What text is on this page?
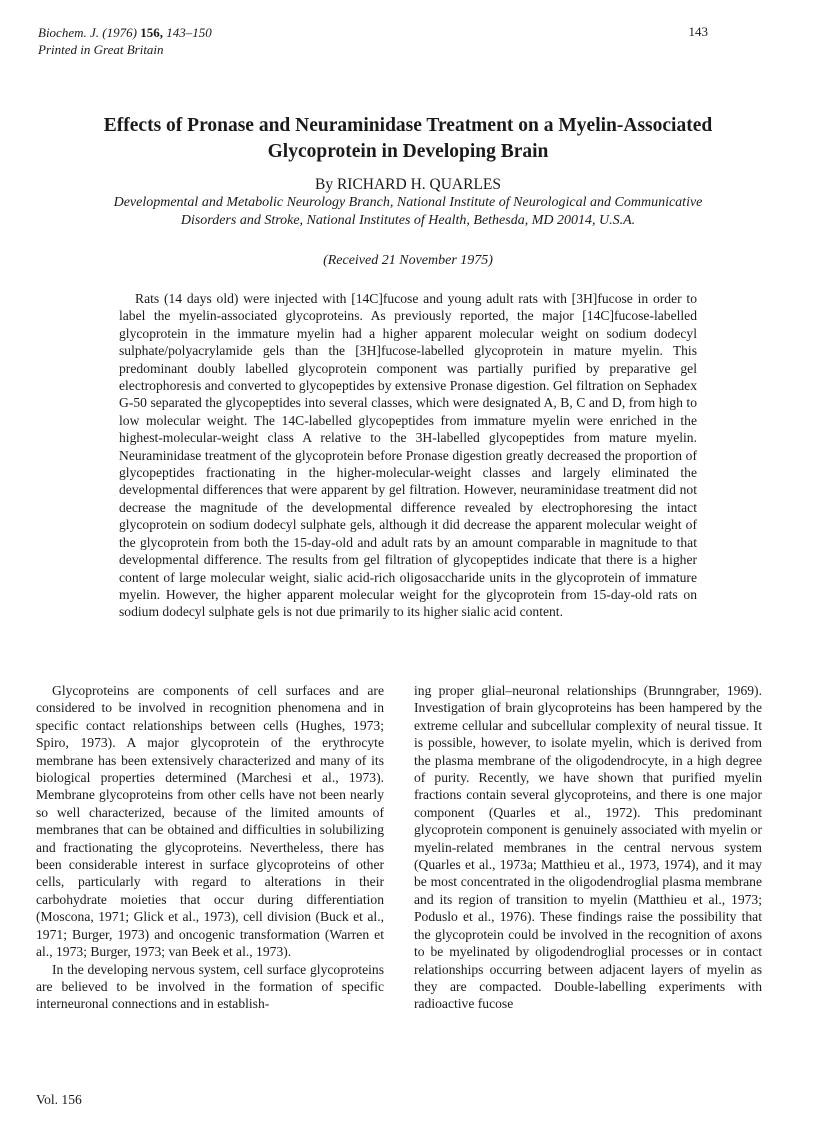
Biochem. J. (1976) 156, 143–150
Printed in Great Britain
143
Effects of Pronase and Neuraminidase Treatment on a Myelin-Associated
Glycoprotein in Developing Brain
By RICHARD H. QUARLES
Developmental and Metabolic Neurology Branch, National Institute of Neurological and Communicative
Disorders and Stroke, National Institutes of Health, Bethesda, MD 20014, U.S.A.
(Received 21 November 1975)

Rats (14 days old) were injected with [14C]fucose and young adult rats with [3H]fucose in order to label the myelin-associated glycoproteins. As previously reported, the major [14C]fucose-labelled glycoprotein in the immature myelin had a higher apparent molecular weight on sodium dodecyl sulphate/polyacrylamide gels than the [3H]fucose-labelled glycoprotein in mature myelin. This predominant doubly labelled glycoprotein component was partially purified by preparative gel electrophoresis and converted to glycopeptides by extensive Pronase digestion. Gel filtration on Sephadex G-50 separated the glycopeptides into several classes, which were designated A, B, C and D, from high to low molecular weight. The 14C-labelled glycopeptides from immature myelin were enriched in the highest-molecular-weight class A relative to the 3H-labelled glycopeptides from mature myelin. Neuraminidase treatment of the glycoprotein before Pronase digestion greatly decreased the proportion of glycopeptides fractionating in the higher-molecular-weight classes and largely eliminated the developmental differences that were apparent by gel filtration. However, neuraminidase treatment did not decrease the magnitude of the developmental difference revealed by electrophoresing the intact glycoprotein on sodium dodecyl sulphate gels, although it did decrease the apparent molecular weight of the glycoprotein from both the 15-day-old and adult rats by an amount comparable in magnitude to that developmental difference. The results from gel filtration of glycopeptides indicate that there is a higher content of large molecular weight, sialic acid-rich oligosaccharide units in the glycoprotein of immature myelin. However, the higher apparent molecular weight for the glycoprotein from 15-day-old rats on sodium dodecyl sulphate gels is not due primarily to its higher sialic acid content.

Glycoproteins are components of cell surfaces and are considered to be involved in recognition phenomena and in specific contact relationships between cells (Hughes, 1973; Spiro, 1973). A major glycoprotein of the erythrocyte membrane has been extensively characterized and many of its biological properties determined (Marchesi et al., 1973). Membrane glycoproteins from other cells have not been nearly so well characterized, because of the limited amounts of membranes that can be obtained and difficulties in solubilizing and fractionating the glycoproteins. Nevertheless, there has been considerable interest in surface glycoproteins of other cells, particularly with regard to alterations in their carbohydrate moieties that occur during differentiation (Moscona, 1971; Glick et al., 1973), cell division (Buck et al., 1971; Burger, 1973) and oncogenic transformation (Warren et al., 1973; Burger, 1973; van Beek et al., 1973).

In the developing nervous system, cell surface glycoproteins are believed to be involved in the formation of specific interneuronal connections and in establish-

ing proper glial–neuronal relationships (Brunngraber, 1969). Investigation of brain glycoproteins has been hampered by the extreme cellular and subcellular complexity of neural tissue. It is possible, however, to isolate myelin, which is derived from the plasma membrane of the oligodendrocyte, in a high degree of purity. Recently, we have shown that purified myelin fractions contain several glycoproteins, and there is one major component (Quarles et al., 1972). This predominant glycoprotein component is genuinely associated with myelin or myelin-related membranes in the central nervous system (Quarles et al., 1973a; Matthieu et al., 1973, 1974), and it may be most concentrated in the oligodendroglial plasma membrane and its region of transition to myelin (Matthieu et al., 1973; Poduslo et al., 1976). These findings raise the possibility that the glycoprotein could be involved in the recognition of axons to be myelinated by oligodendroglial processes or in contact relationships occurring between adjacent layers of myelin as they are compacted. Double-labelling experiments with radioactive fucose

Vol. 156
